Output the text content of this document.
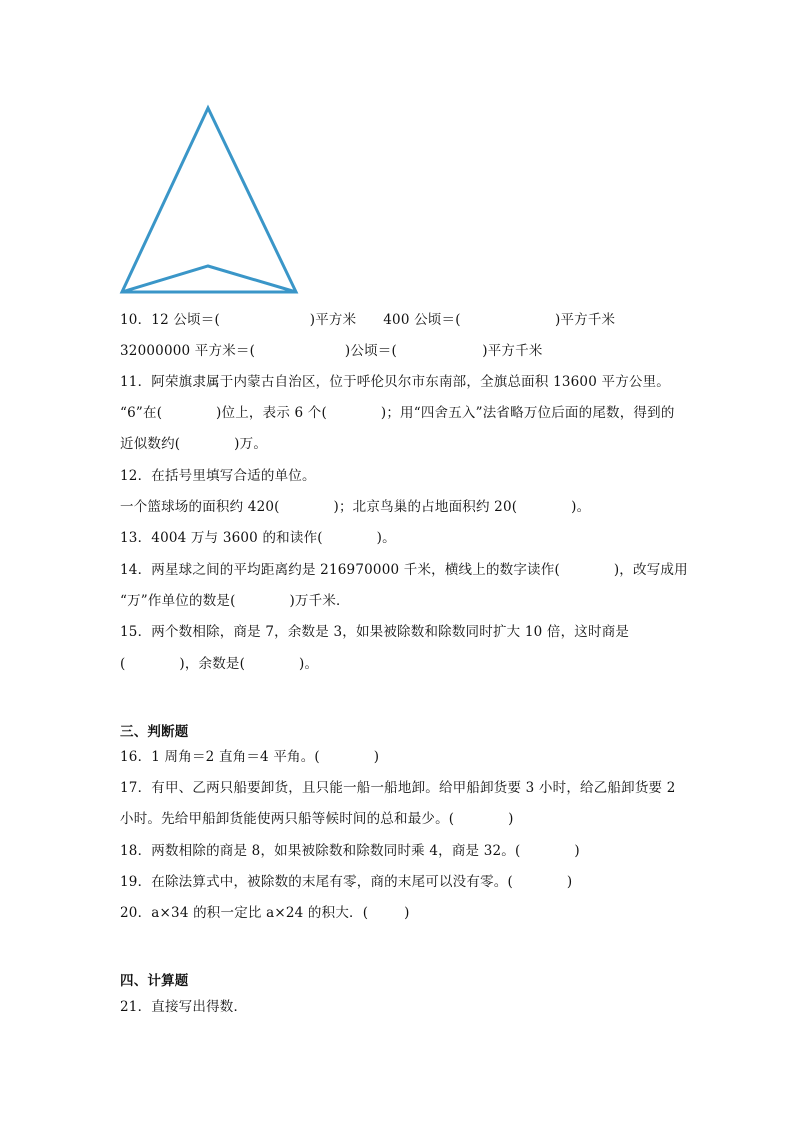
10．12 公顷＝(                    )平方米      400 公顷＝(                     )平方千米
32000000 平方米＝(                    )公顷＝(                   )平方千米
11．阿荣旗隶属于内蒙古自治区，位于呼伦贝尔市东南部，全旗总面积 13600 平方公里。
“6”在(            )位上，表示 6 个(            )；用“四舍五入”法省略万位后面的尾数，得到的
近似数约(            )万。
12．在括号里填写合适的单位。
一个篮球场的面积约 420(            )；北京鸟巢的占地面积约 20(            )。
13．4004 万与 3600 的和读作(            )。
14．两星球之间的平均距离约是 216970000 千米，横线上的数字读作(            )，改写成用
“万”作单位的数是(            )万千米．
15．两个数相除，商是 7，余数是 3，如果被除数和除数同时扩大 10 倍，这时商是
(            )，余数是(            )。
三、判断题
16．1 周角＝2 直角＝4 平角。(            )
17．有甲、乙两只船要卸货，且只能一船一船地卸。给甲船卸货要 3 小时，给乙船卸货要 2
小时。先给甲船卸货能使两只船等候时间的总和最少。(            )
18．两数相除的商是 8，如果被除数和除数同时乘 4，商是 32。(            )
19．在除法算式中，被除数的末尾有零，商的末尾可以没有零。(            )
20．a×34 的积一定比 a×24 的积大．(        )
四、计算题
21．直接写出得数．
